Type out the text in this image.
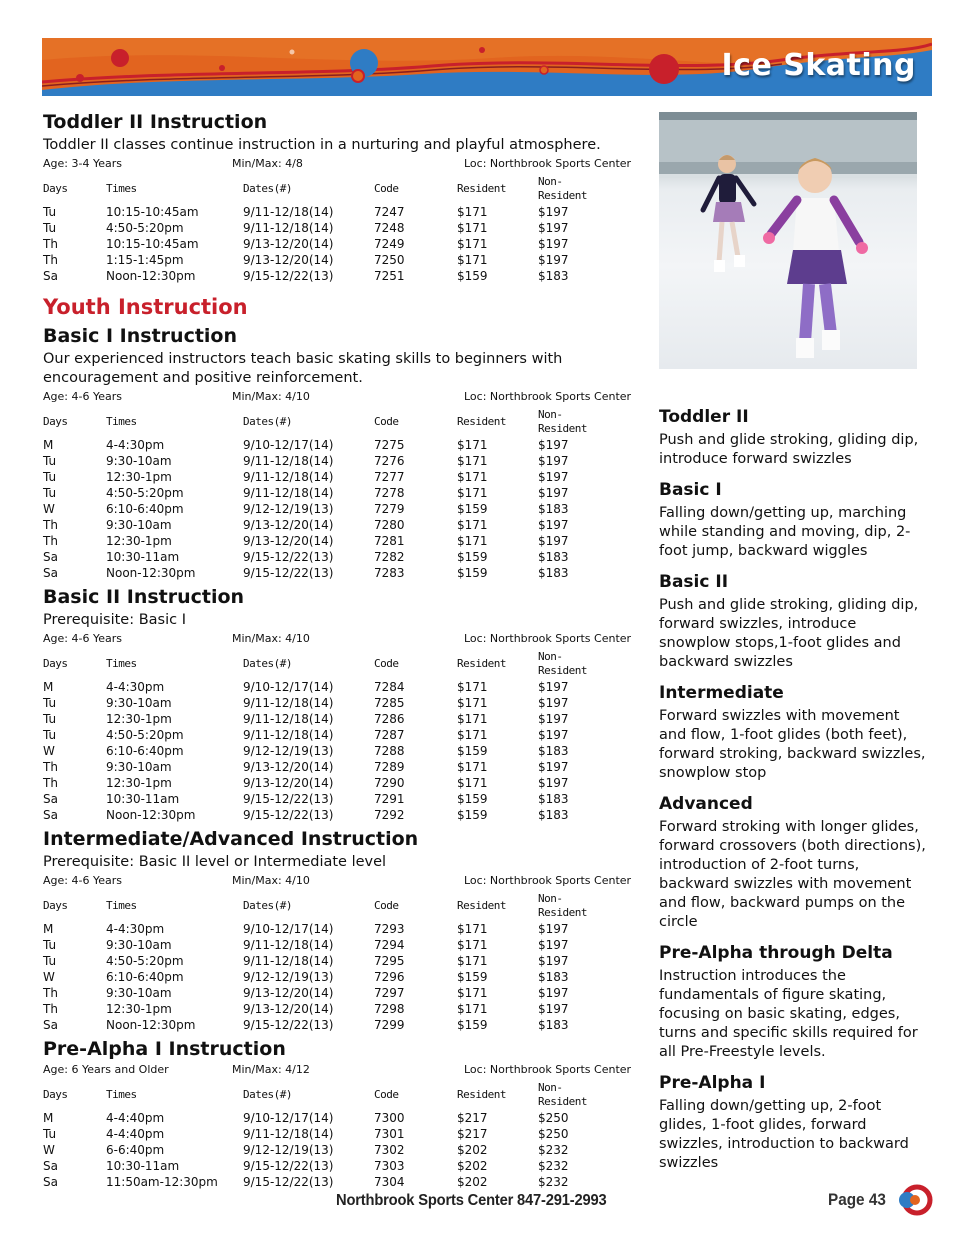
Ice Skating
Toddler II Instruction
Toddler II classes continue instruction in a nurturing and playful atmosphere.
Age: 3-4 Years	Min/Max: 4/8	Loc: Northbrook Sports Center
Days	Times	Dates(#)	Code	Resident	Non-Resident
Tu	10:15-10:45am	9/11-12/18(14)	7247	$171	$197
Tu	4:50-5:20pm	9/11-12/18(14)	7248	$171	$197
Th	10:15-10:45am	9/13-12/20(14)	7249	$171	$197
Th	1:15-1:45pm	9/13-12/20(14)	7250	$171	$197
Sa	Noon-12:30pm	9/15-12/22(13)	7251	$159	$183
Youth Instruction
Basic I Instruction
Our experienced instructors teach basic skating skills to beginners with encouragement and positive reinforcement.
Age: 4-6 Years	Min/Max: 4/10	Loc: Northbrook Sports Center
Days	Times	Dates(#)	Code	Resident	Non-Resident
M	4-4:30pm	9/10-12/17(14)	7275	$171	$197
Tu	9:30-10am	9/11-12/18(14)	7276	$171	$197
Tu	12:30-1pm	9/11-12/18(14)	7277	$171	$197
Tu	4:50-5:20pm	9/11-12/18(14)	7278	$171	$197
W	6:10-6:40pm	9/12-12/19(13)	7279	$159	$183
Th	9:30-10am	9/13-12/20(14)	7280	$171	$197
Th	12:30-1pm	9/13-12/20(14)	7281	$171	$197
Sa	10:30-11am	9/15-12/22(13)	7282	$159	$183
Sa	Noon-12:30pm	9/15-12/22(13)	7283	$159	$183
Basic II Instruction
Prerequisite: Basic I
Age: 4-6 Years	Min/Max: 4/10	Loc: Northbrook Sports Center
Days	Times	Dates(#)	Code	Resident	Non-Resident
M	4-4:30pm	9/10-12/17(14)	7284	$171	$197
Tu	9:30-10am	9/11-12/18(14)	7285	$171	$197
Tu	12:30-1pm	9/11-12/18(14)	7286	$171	$197
Tu	4:50-5:20pm	9/11-12/18(14)	7287	$171	$197
W	6:10-6:40pm	9/12-12/19(13)	7288	$159	$183
Th	9:30-10am	9/13-12/20(14)	7289	$171	$197
Th	12:30-1pm	9/13-12/20(14)	7290	$171	$197
Sa	10:30-11am	9/15-12/22(13)	7291	$159	$183
Sa	Noon-12:30pm	9/15-12/22(13)	7292	$159	$183
Intermediate/Advanced Instruction
Prerequisite: Basic II level or Intermediate level
Age: 4-6 Years	Min/Max: 4/10	Loc: Northbrook Sports Center
Days	Times	Dates(#)	Code	Resident	Non-Resident
M	4-4:30pm	9/10-12/17(14)	7293	$171	$197
Tu	9:30-10am	9/11-12/18(14)	7294	$171	$197
Tu	4:50-5:20pm	9/11-12/18(14)	7295	$171	$197
W	6:10-6:40pm	9/12-12/19(13)	7296	$159	$183
Th	9:30-10am	9/13-12/20(14)	7297	$171	$197
Th	12:30-1pm	9/13-12/20(14)	7298	$171	$197
Sa	Noon-12:30pm	9/15-12/22(13)	7299	$159	$183
Pre-Alpha I Instruction
Age: 6 Years and Older	Min/Max: 4/12	Loc: Northbrook Sports Center
Days	Times	Dates(#)	Code	Resident	Non-Resident
M	4-4:40pm	9/10-12/17(14)	7300	$217	$250
Tu	4-4:40pm	9/11-12/18(14)	7301	$217	$250
W	6-6:40pm	9/12-12/19(13)	7302	$202	$232
Sa	10:30-11am	9/15-12/22(13)	7303	$202	$232
Sa	11:50am-12:30pm	9/15-12/22(13)	7304	$202	$232
Toddler II
Push and glide stroking, gliding dip, introduce forward swizzles
Basic I
Falling down/getting up, marching while standing and moving, dip, 2-foot jump, backward wiggles
Basic II
Push and glide stroking, gliding dip, forward swizzles, introduce snowplow stops,1-foot glides and backward swizzles
Intermediate
Forward swizzles with movement and flow, 1-foot glides (both feet), forward stroking, backward swizzles, snowplow stop
Advanced
Forward stroking with longer glides, forward crossovers (both directions), introduction of 2-foot turns, backward swizzles with movement and flow, backward pumps on the circle
Pre-Alpha through Delta
Instruction introduces the fundamentals of figure skating, focusing on basic skating, edges, turns and specific skills required for all Pre-Freestyle levels.
Pre-Alpha I
Falling down/getting up, 2-foot glides, 1-foot glides, forward swizzles, introduction to backward swizzles
Northbrook Sports Center 847-291-2993	Page 43
